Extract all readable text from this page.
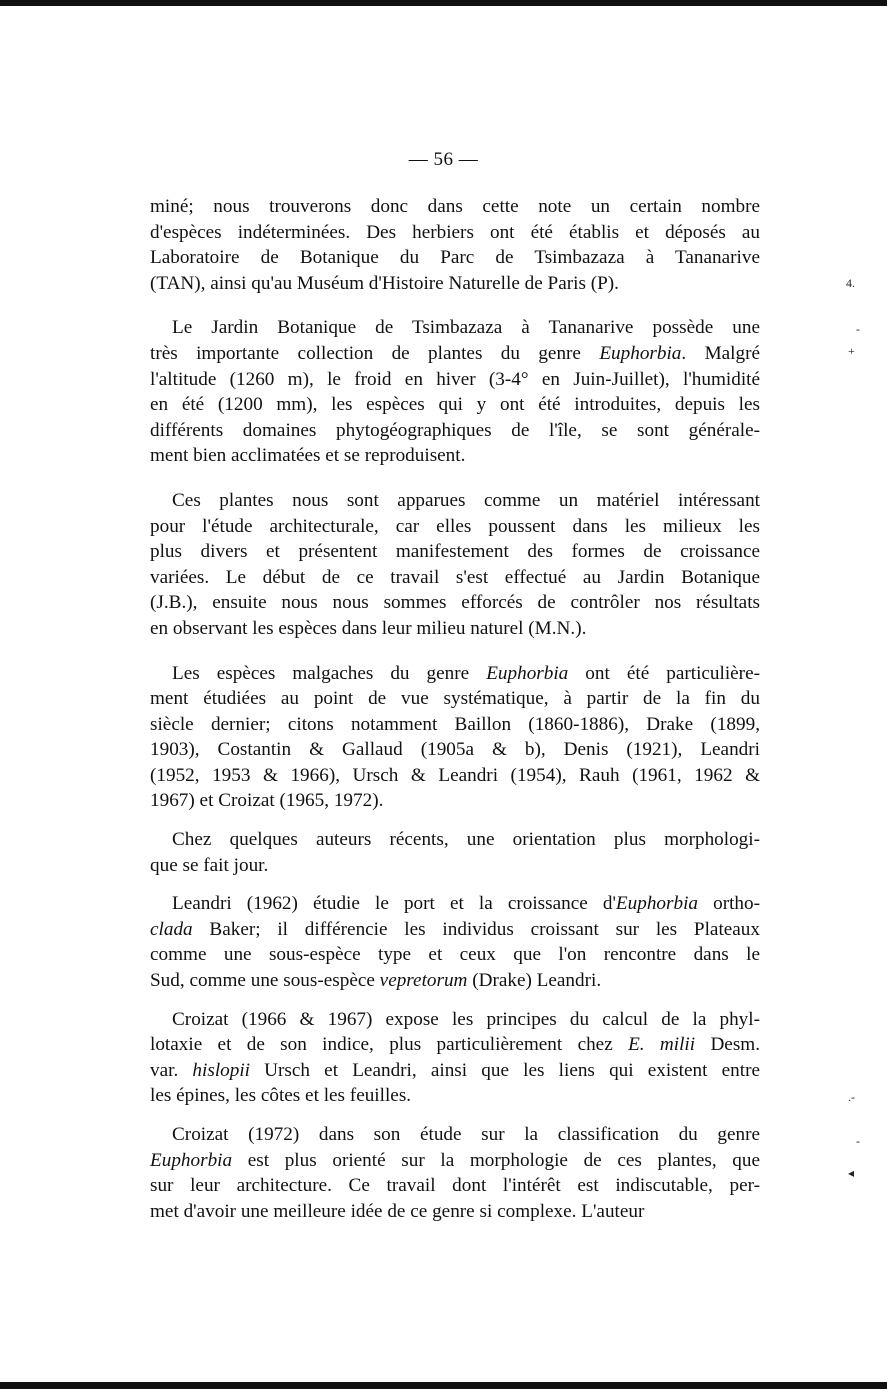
— 56 —
miné; nous trouverons donc dans cette note un certain nombre
d'espèces indéterminées. Des herbiers ont été établis et déposés au
Laboratoire de Botanique du Parc de Tsimbazaza à Tananarive
(TAN), ainsi qu'au Muséum d'Histoire Naturelle de Paris (P).
Le Jardin Botanique de Tsimbazaza à Tananarive possède une
très importante collection de plantes du genre Euphorbia. Malgré
l'altitude (1260 m), le froid en hiver (3-4° en Juin-Juillet), l'humidité
en été (1200 mm), les espèces qui y ont été introduites, depuis les
différents domaines phytogéographiques de l'île, se sont générale-
ment bien acclimatées et se reproduisent.
Ces plantes nous sont apparues comme un matériel intéressant
pour l'étude architecturale, car elles poussent dans les milieux les
plus divers et présentent manifestement des formes de croissance
variées. Le début de ce travail s'est effectué au Jardin Botanique
(J.B.), ensuite nous nous sommes efforcés de contrôler nos résultats
en observant les espèces dans leur milieu naturel (M.N.).
Les espèces malgaches du genre Euphorbia ont été particulière-
ment étudiées au point de vue systématique, à partir de la fin du
siècle dernier; citons notamment Baillon (1860-1886), Drake (1899,
1903), Costantin & Gallaud (1905a & b), Denis (1921), Leandri
(1952, 1953 & 1966), Ursch & Leandri (1954), Rauh (1961, 1962 &
1967) et Croizat (1965, 1972).
Chez quelques auteurs récents, une orientation plus morphologi-
que se fait jour.
Leandri (1962) étudie le port et la croissance d'Euphorbia ortho-
clada Baker; il différencie les individus croissant sur les Plateaux
comme une sous-espèce type et ceux que l'on rencontre dans le
Sud, comme une sous-espèce vepretorum (Drake) Leandri.
Croizat (1966 & 1967) expose les principes du calcul de la phyl-
lotaxie et de son indice, plus particulièrement chez E. milii Desm.
var. hislopii Ursch et Leandri, ainsi que les liens qui existent entre
les épines, les côtes et les feuilles.
Croizat (1972) dans son étude sur la classification du genre
Euphorbia est plus orienté sur la morphologie de ces plantes, que
sur leur architecture. Ce travail dont l'intérêt est indiscutable, per-
met d'avoir une meilleure idée de ce genre si complexe. L'auteur
4.
-
+
.-
-
◂
